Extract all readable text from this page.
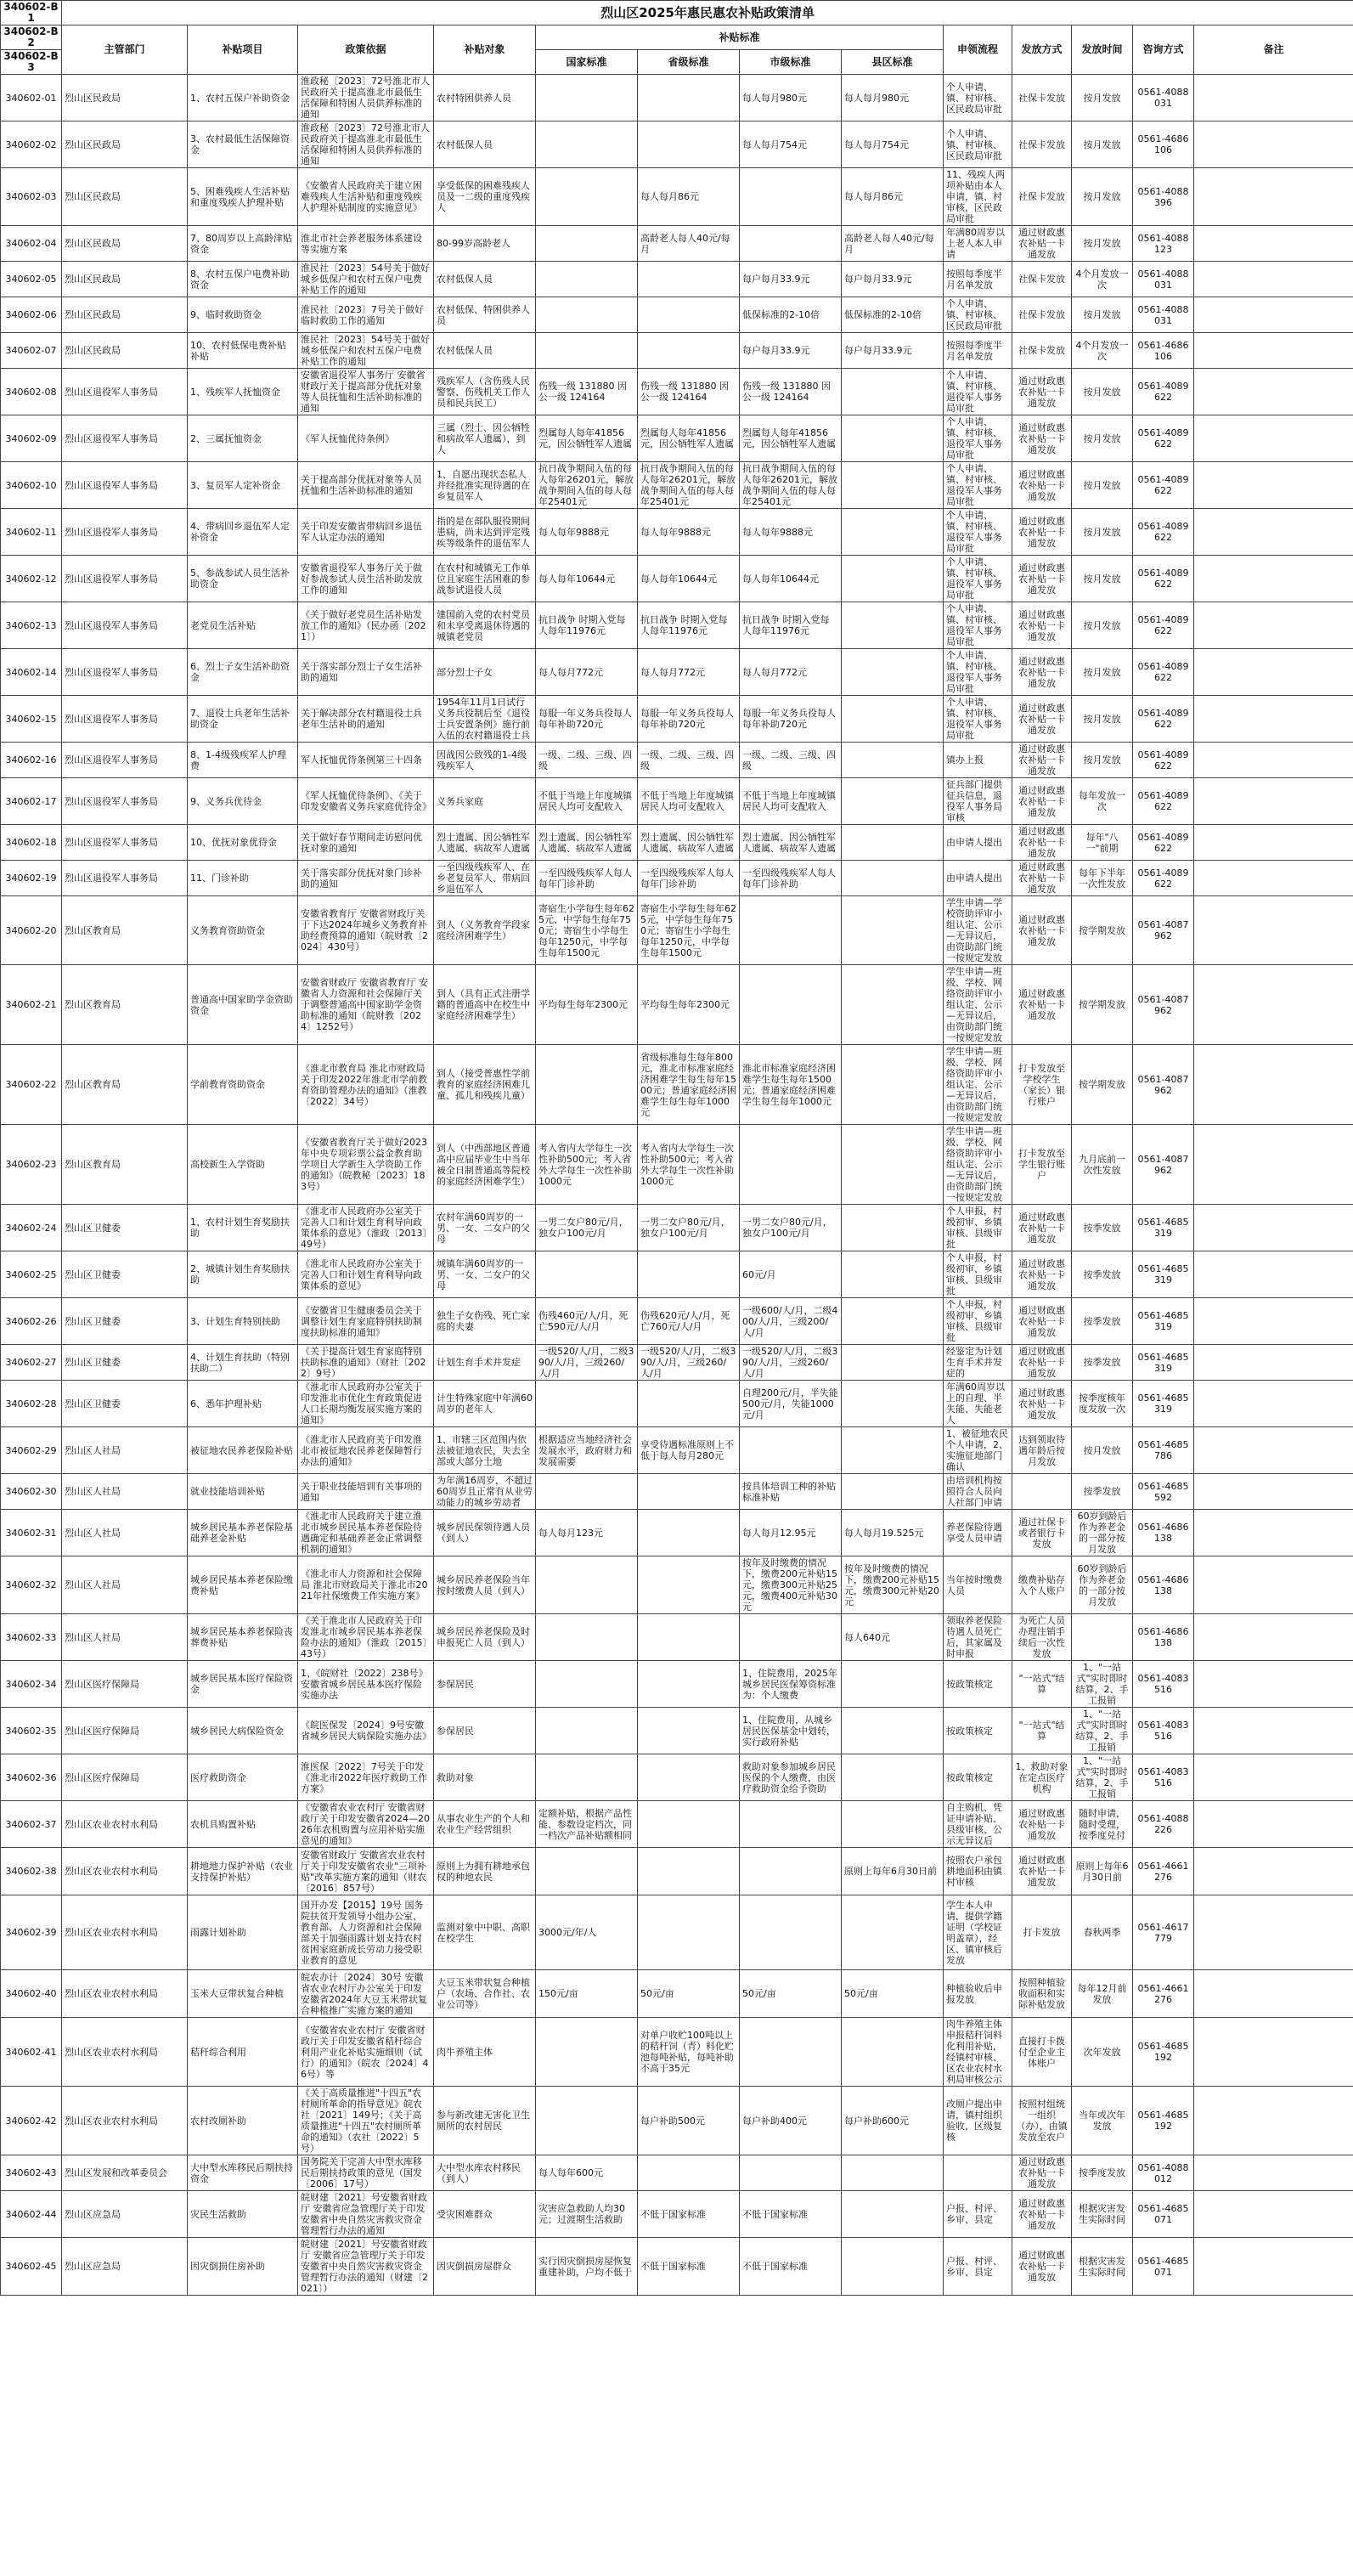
340602-B1	烈山区2025年惠民惠农补贴政策清单												
340602-B2	主管部门	补贴项目	政策依据	补贴对象	补贴标准				申领流程	发放方式	发放时间	咨询方式	备注
340602-B3					国家标准	省级标准	市级标准	县区标准					
340602-01	烈山区民政局	1、农村五保户补助资金	淮政秘〔2023〕72号淮北市人民政府关于提高淮北市最低生活保障和特困人员供养标准的通知	农村特困供养人员			每人每月980元	每人每月980元	个人申请、镇、村审核、区民政局审批	社保卡发放	按月发放	0561-4088031	
340602-02	烈山区民政局	3、农村最低生活保障资金	淮政秘〔2023〕72号淮北市人民政府关于提高淮北市最低生活保障和特困人员供养标准的通知	农村低保人员			每人每月754元	每人每月754元	个人申请、镇、村审核、区民政局审批	社保卡发放	按月发放	0561-4686106	
340602-03	烈山区民政局	5、困难残疾人生活补贴和重度残疾人护理补贴	《安徽省人民政府关于建立困难残疾人生活补贴和重度残疾人护理补贴制度的实施意见》	享受低保的困难残疾人员及一二级的重度残疾人		每人每月86元		每人每月86元	11、残疾人两项补贴由本人申请，镇、村审核，区民政局审批	社保卡发放	按月发放	0561-4088396	
340602-04	烈山区民政局	7、80周岁以上高龄津贴资金	淮北市社会养老服务体系建设等实施方案	80-99岁高龄老人		高龄老人每人40元/每月		高龄老人每人40元/每月	年满80周岁以上老人本人申请	通过财政惠农补贴一卡通发放	按月发放	0561-4088123	
340602-05	烈山区民政局	8、农村五保户电费补助资金	淮民社〔2023〕54号关于做好城乡低保户和农村五保户电费补贴工作的通知	农村低保人员			每户每月33.9元	每户每月33.9元	按照每季度半月名单发放	社保卡发放	4个月发放一次	0561-4088031	
340602-06	烈山区民政局	9、临时救助资金	淮民社〔2023〕7号关于做好临时救助工作的通知	农村低保、特困供养人员			低保标准的2-10倍	低保标准的2-10倍	个人申请、镇、村审核、区民政局审批	社保卡发放	按月发放	0561-4088031	
340602-07	烈山区民政局	10、农村低保电费补贴补贴	淮民社〔2023〕54号关于做好城乡低保户和农村五保户电费补贴工作的通知	农村低保人员			每户每月33.9元	每户每月33.9元	按照每季度半月名单发放	社保卡发放	4个月发放一次	0561-4686106	
340602-08	烈山区退役军人事务局	1、残疾军人抚恤资金	安徽省退役军人事务厅 安徽省财政厅关于提高部分优抚对象等人员抚恤和生活补助标准的通知	残疾军人（含伤残人民警察、伤残机关工作人员和民兵民工）	伤残一级 131880 因公一级 124164	伤残一级 131880 因公一级 124164	伤残一级 131880 因公一级 124164		个人申请、镇、村审核、退役军人事务局审批	通过财政惠农补贴一卡通发放	按月发放	0561-4089622	
340602-09	烈山区退役军人事务局	2、三属抚恤资金	《军人抚恤优待条例》	三属（烈士、因公牺牲和病故军人遗属），到人	烈属每人每年41856元，因公牺牲军人遗属	烈属每人每年41856元，因公牺牲军人遗属	烈属每人每年41856元，因公牺牲军人遗属		个人申请、镇、村审核、退役军人事务局审批	通过财政惠农补贴一卡通发放	按月发放	0561-4089622	
340602-10	烈山区退役军人事务局	3、复员军人定补资金	关于提高部分优抚对象等人员抚恤和生活补助标准的通知	1、自愿出现状态私人并经批准实现待遇的在乡复员军人	抗日战争期间入伍的每人每年26201元，解放战争期间入伍的每人每年25401元	抗日战争期间入伍的每人每年26201元，解放战争期间入伍的每人每年25401元	抗日战争期间入伍的每人每年26201元，解放战争期间入伍的每人每年25401元		个人申请、镇、村审核、退役军人事务局审批	通过财政惠农补贴一卡通发放	按月发放	0561-4089622	
340602-11	烈山区退役军人事务局	4、带病回乡退伍军人定补资金	关于印发安徽省带病回乡退伍军人认定办法的通知	指的是在部队服役期间患病，尚未达到评定残疾等级条件的退伍军人	每人每年9888元	每人每年9888元	每人每年9888元		个人申请、镇、村审核、退役军人事务局审批	通过财政惠农补贴一卡通发放	按月发放	0561-4089622	
340602-12	烈山区退役军人事务局	5、参战参试人员生活补助资金	安徽省退役军人事务厅关于做好参战参试人员生活补助发放工作的通知	在农村和城镇无工作单位且家庭生活困难的参战参试退役人员	每人每年10644元	每人每年10644元	每人每年10644元		个人申请、镇、村审核、退役军人事务局审批	通过财政惠农补贴一卡通发放	按月发放	0561-4089622	
340602-13	烈山区退役军人事务局	老党员生活补贴	《关于做好老党员生活补贴发放工作的通知》（民办函〔2021〕）	建国前入党的农村党员和未享受离退休待遇的城镇老党员	抗日战争 时期入党每人每年11976元	抗日战争 时期入党每人每年11976元	抗日战争 时期入党每人每年11976元		个人申请、镇、村审核、退役军人事务局审批	通过财政惠农补贴一卡通发放	按月发放	0561-4089622	
340602-14	烈山区退役军人事务局	6、烈士子女生活补助资金	关于落实部分烈士子女生活补助的通知	部分烈士子女	每人每月772元	每人每月772元	每人每月772元		个人申请、镇、村审核、退役军人事务局审批	通过财政惠农补贴一卡通发放	按月发放	0561-4089622	
340602-15	烈山区退役军人事务局	7、退役士兵老年生活补助资金	关于解决部分农村籍退役士兵老年生活补助的通知	1954年11月1日试行义务兵役制后至《退役士兵安置条例》施行前入伍的农村籍退役士兵	每服一年义务兵役每人每年补助720元	每服一年义务兵役每人每年补助720元	每服一年义务兵役每人每年补助720元		个人申请、镇、村审核、退役军人事务局审批	通过财政惠农补贴一卡通发放	按月发放	0561-4089622	
340602-16	烈山区退役军人事务局	8、1-4级残疾军人护理费	军人抚恤优待条例第三十四条	因战因公致残的1-4级残疾军人	一级、二级、三级、四级	一级、二级、三级、四级	一级、二级、三级、四级		镇办上报	通过财政惠农补贴一卡通发放	按月发放	0561-4089622	
340602-17	烈山区退役军人事务局	9、义务兵优待金	《军人抚恤优待条例》、《关于印发安徽省义务兵家庭优待金》	义务兵家庭	不低于当地上年度城镇居民人均可支配收入	不低于当地上年度城镇居民人均可支配收入	不低于当地上年度城镇居民人均可支配收入		征兵部门提供征兵信息，退役军人事务局审核	通过财政惠农补贴一卡通发放	每年发放一次	0561-4089622	
340602-18	烈山区退役军人事务局	10、优抚对象优待金	关于做好春节期间走访慰问优抚对象的通知	烈士遗属、因公牺牲军人遗属、病故军人遗属	烈士遗属、因公牺牲军人遗属、病故军人遗属	烈士遗属、因公牺牲军人遗属、病故军人遗属	烈士遗属、因公牺牲军人遗属、病故军人遗属		由申请人提出	通过财政惠农补贴一卡通发放	每年"八一"前期	0561-4089622	
340602-19	烈山区退役军人事务局	11、门诊补助	关于落实部分优抚对象门诊补助的通知	一至四级残疾军人、在乡老复员军人、带病回乡退伍军人	一至四级残疾军人每人每年门诊补助	一至四级残疾军人每人每年门诊补助	一至四级残疾军人每人每年门诊补助		由申请人提出	通过财政惠农补贴一卡通发放	每年下半年一次性发放	0561-4089622	
340602-20	烈山区教育局	义务教育资助资金	安徽省教育厅 安徽省财政厅关于下达2024年城乡义务教育补助经费预算的通知（皖财教〔2024〕430号）	到人（义务教育学段家庭经济困难学生）	寄宿生小学每生每年625元、中学每生每年750元；寄宿生小学每生每年1250元，中学每生每年1500元	寄宿生小学每生每年625元，中学每生每年750元；寄宿生小学每生每年1250元，中学每生每年1500元			学生申请—学校资助评审小组认定、公示—无异议后，由资助部门统一按规定发放	通过财政惠农补贴一卡通发放	按学期发放	0561-4087962	
340602-21	烈山区教育局	普通高中国家助学金资助资金	安徽省财政厅 安徽省教育厅 安徽省人力资源和社会保障厅关于调整普通高中国家助学金资助标准的通知（皖财教〔2024〕1252号）	到人（具有正式注册学籍的普通高中在校生中家庭经济困难学生）	平均每生每年2300元	平均每生每年2300元			学生申请—班级、学校、网络资助评审小组认定、公示—无异议后，由资助部门统一按规定发放	通过财政惠农补贴一卡通发放	按学期发放	0561-4087962	
340602-22	烈山区教育局	学前教育资助资金	《淮北市教育局 淮北市财政局关于印发2022年淮北市学前教育资助管理办法的通知》（淮教〔2022〕34号）	到人（接受普惠性学前教育的家庭经济困难儿童、孤儿和残疾儿童）		省级标准每生每年800元，淮北市标准家庭经济困难学生每生每年1500元；普通家庭经济困难学生每生每年1000元	淮北市标准家庭经济困难学生每生每年1500元；普通家庭经济困难学生每生每年1000元		学生申请—班级、学校、网络资助评审小组认定、公示—无异议后，由资助部门统一按规定发放	打卡发放至学校学生（家长）银行账户	按学期发放	0561-4087962	
340602-23	烈山区教育局	高校新生入学资助	《安徽省教育厅关于做好2023年中央专项彩票公益金教育助学项目大学新生入学资助工作的通知》（皖教秘〔2023〕183号）	到人（中西部地区普通高中应届毕业生中当年被全日制普通高等院校的家庭经济困难学生）	考入省内大学每生一次性补助500元；考入省外大学每生一次性补助1000元	考入省内大学每生一次性补助500元；考入省外大学每生一次性补助1000元			学生申请—班级、学校、网络资助评审小组认定、公示—无异议后，由资助部门统一按规定发放	打卡发放至学生银行账户	九月底前一次性发放	0561-4087962	
340602-24	烈山区卫健委	1、农村计划生育奖励扶助	《淮北市人民政府办公室关于完善人口和计划生育利导向政策体系的意见》（淮政〔2013〕49号）	农村年满60周岁的一男、一女、二女户的父母	一男二女户80元/月，独女户100元/月	一男二女户80元/月，独女户100元/月	一男二女户80元/月，独女户100元/月		个人申报，村级初审、乡镇审核、县级审批	通过财政惠农补贴一卡通发放	按季发放	0561-4685319	
340602-25	烈山区卫健委	2、城镇计划生育奖励扶助	《淮北市人民政府办公室关于完善人口和计划生育利导向政策体系的意见》	城镇年满60周岁的一男、一女、二女户的父母			60元/月		个人申报，村级初审、乡镇审核、县级审批	通过财政惠农补贴一卡通发放	按季发放	0561-4685319	
340602-26	烈山区卫健委	3、计划生育特别扶助	《安徽省卫生健康委员会关于调整计划生育家庭特别扶助制度扶助标准的通知》	独生子女伤残、死亡家庭的夫妻	伤残460元/人/月，死亡590元/人/月	伤残620元/人/月，死亡760元/人/月	一级600/人/月，二级400/人/月，三级200/人/月		个人申报，村级初审、乡镇审核、县级审批	通过财政惠农补贴一卡通发放	按季发放	0561-4685319	
340602-27	烈山区卫健委	4、计划生育扶助（特别扶助二）	《关于提高计划生育家庭特别扶助标准的通知》（财社〔2022〕9号）	计划生育手术并发症	一级520/人/月，二级390/人/月，三级260/人/月	一级520/人/月，二级390/人/月，三级260/人/月	一级520/人/月，二级390/人/月，三级260/人/月		经鉴定为计划生育手术并发症的	通过财政惠农补贴一卡通发放	按季发放	0561-4685319	
340602-28	烈山区卫健委	6、悉年护理补贴	《淮北市人民政府办公室关于印发淮北市优化生育政策促进人口长期均衡发展实施方案的通知》	计生特殊家庭中年满60周岁的老年人			自理200元/月，半失能500元/月，失能1000元/月		年满60周岁以上的自理、半失能、失能老人	通过财政惠农补贴一卡通发放	按季度核年度发放一次	0561-4685319	
340602-29	烈山区人社局	被征地农民养老保险补贴	《淮北市人民政府关于印发淮北市被征地农民养老保障暂行办法的通知》	1、市辖三区范围内依法被征地农民，失去全部或大部分土地	根据适应当地经济社会发展水平，政府财力和发展需要	享受待遇标准原则上不低于每人每月280元			1、被征地农民个人申请，2、实施征地部门确认	达到领取待遇年龄后按月发放	按月发放	0561-4685786	
340602-30	烈山区人社局	就业技能培训补贴	关于职业技能培训有关事项的通知	为年满16周岁，不超过60周岁且正常有从业劳动能力的城乡劳动者			按具体培训工种的补贴标准补贴		由培训机构按照符合人员向人社部门申请		按季发放	0561-4685592	
340602-31	烈山区人社局	城乡居民基本养老保险基础养老金补贴	《淮北市人民政府关于建立淮北市城乡居民基本养老保险待遇确定和基础养老金正常调整机制的通知》	城乡居民保领待遇人员（到人）	每人每月123元		每人每月12.95元	每人每月19.525元	养老保险待遇享受人员申请	通过社保卡或者银行卡发放	60岁到龄后作为养老金的一部分按月发放	0561-4686138	
340602-32	烈山区人社局	城乡居民基本养老保险缴费补贴	《淮北市人力资源和社会保障局 淮北市财政局关于淮北市2021年社保缴费工作实施方案》	城乡居民养老保险当年按时缴费人员（到人）			按年及时缴费的情况下，缴费200元补贴15元，缴费300元补贴25元，缴费400元补贴30元	按年及时缴费的情况下，缴费200元补贴15元，缴费300元补贴20元	当年按时缴费人员	缴费补贴存入个人账户	60岁到龄后作为养老金的一部分按月发放	0561-4686138	
340602-33	烈山区人社局	城乡居民基本养老保险丧葬费补贴	《关于淮北市人民政府关于印发淮北市城乡居民基本养老保险办法的通知》（淮政〔2015〕43号）	城乡居民养老保险及时申报死亡人员（到人）				每人640元	领取养老保险待遇人员死亡后，其家属及时申报	为死亡人员办理注销手续后一次性发放		0561-4686138	
340602-34	烈山区医疗保障局	城乡居民基本医疗保险资金	1、《皖财社〔2022〕238号》安徽省城乡居民基本医疗保险实施办法	参保居民			1、住院费用，2025年城乡居民医保筹资标准为：个人缴费		按政策核定	"一站式"结算	1、"一站式"实时即时结算，2、手工报销	0561-4083516	
340602-35	烈山区医疗保障局	城乡居民大病保险资金	《皖医保发〔2024〕9号安徽省城乡居民大病保险实施办法》	参保居民			1、住院费用，从城乡居民医保基金中划转，实行政府补贴		按政策核定	"一站式"结算	1、"一站式"实时即时结算，2、手工报销	0561-4083516	
340602-36	烈山区医疗保障局	医疗救助资金	淮医保〔2022〕7号关于印发《淮北市2022年医疗救助工作方案》	救助对象			救助对象参加城乡居民医保的个人缴费，由医疗救助资金给予资助		按政策核定	1、救助对象在定点医疗机构	1、"一站式"实时即时结算，2、手工报销	0561-4083516	
340602-37	烈山区农业农村水利局	农机具购置补贴	《安徽省农业农村厅 安徽省财政厅关于印发安徽省2024—2026年农机购置与应用补贴实施意见的通知》	从事农业生产的个人和农业生产经营组织	定额补贴，根据产品性能、参数设定档次，同一档次产品补贴额相同				自主购机、凭证申请补贴、县级审核、公示无异议后	通过财政惠农补贴一卡通发放	随时申请，随时受理，按季度兑付	0561-4088226	
340602-38	烈山区农业农村水利局	耕地地力保护补贴（农业支持保护补贴）	安徽省财政厅 安徽省农业农村厅关于印发安徽省农业"三项补贴"改革实施方案的通知（财农〔2016〕857号）	原则上为拥有耕地承包权的种地农民				原则上每年6月30日前	按照农户承包耕地面积由镇村审核	通过财政惠农补贴一卡通发放	原则上每年6月30日前	0561-4661276	
340602-39	烈山区农业农村水利局	雨露计划补助	国开办发【2015】19号 国务院扶贫开发领导小组办公室、教育部、人力资源和社会保障部关于加强雨露计划支持农村贫困家庭新成长劳动力接受职业教育的意见	监测对象中中职、高职在校学生	3000元/年/人				学生本人申请，提供学籍证明（学校证明盖章），经区、镇审核后发放	打卡发放	春秋两季	0561-4617779	
340602-40	烈山区农业农村水利局	玉米大豆带状复合种植	皖农办计〔2024〕30号 安徽省农业农村厅办公室关于印发安徽省2024年大豆玉米带状复合种植推广实施方案的通知	大豆玉米带状复合种植户（农场、合作社、农业公司等）	150元/亩	50元/亩	50元/亩	50元/亩	种植验收后申报发放	按照种植验收面积和实际补贴发放	每年12月前发放	0561-4661276	
340602-41	烈山区农业农村水利局	秸秆综合利用	《安徽省农业农村厅 安徽省财政厅关于印发安徽省秸秆综合利用产业化补贴实施细则（试行）的通知》（皖农〔2024〕46号）等	肉牛养殖主体		对单户收贮100吨以上的秸秆饲（青）料化贮池每吨补贴，每吨补助不高于35元			肉牛养殖主体申报秸秆饲料化利用补贴，经镇村审核、区农业农村水利局审核公示	直接打卡拨付至企业主体账户	次年发放	0561-4685192	
340602-42	烈山区农业农村水利局	农村改厕补助	《关于高质量推进"十四五"农村厕所革命的指导意见》皖农社〔2021〕149号；《关于高质量推进"十四五"农村厕所革命的通知》（农社〔2022〕5号）	参与新改建无害化卫生厕所的农村居民		每户补助500元	每户补助400元	每户补助600元	改厕户提出申请，镇村组织验收，区级复核	按照村组统一组织（办），由镇发放至农户	当年或次年发放	0561-4685192	
340602-43	烈山区发展和改革委员会	大中型水库移民后期扶持资金	国务院关于完善大中型水库移民后期扶持政策的意见（国发〔2006〕17号）	大中型水库农村移民（到人）	每人每年600元					通过财政惠农补贴一卡通发放	按季度发放	0561-4088012	
340602-44	烈山区应急局	灾民生活救助	皖财建〔2021〕号安徽省财政厅 安徽省应急管理厅关于印发安徽省中央自然灾害救灾资金管理暂行办法的通知	受灾困难群众	灾害应急救助人均30元；过渡期生活救助	不低于国家标准	不低于国家标准		户报、村评、乡审、县定	通过财政惠农补贴一卡通发放	根据灾害发生实际时间	0561-4685071	
340602-45	烈山区应急局	因灾倒损住房补助	皖财建〔2021〕号安徽省财政厅 安徽省应急管理厅关于印发安徽省中央自然灾害救灾资金管理暂行办法的通知（财建〔2021〕）	因灾倒损房屋群众	实行因灾倒损房屋恢复重建补助，户均不低于	不低于国家标准	不低于国家标准		户报、村评、乡审、县定	通过财政惠农补贴一卡通发放	根据灾害发生实际时间	0561-4685071	
